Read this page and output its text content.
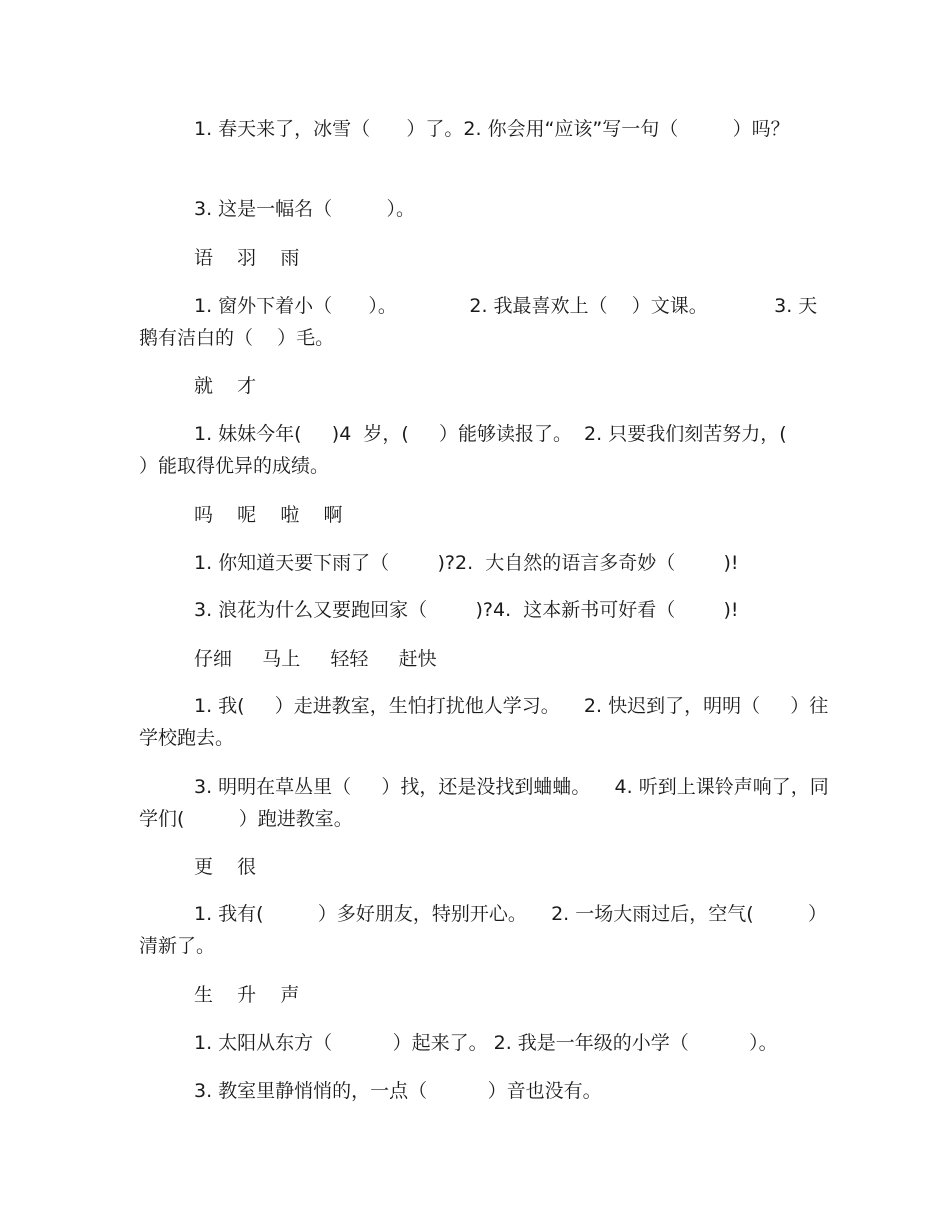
1. 春天来了，冰雪（      ）了。2. 你会用“应该”写一句（         ）吗？

3. 这是一幅名（         ）。

语    羽    雨

1. 窗外下着小（      ）。            2. 我最喜欢上（    ）文课。           3. 天鹅有洁白的（    ）毛。

就    才

1. 妹妹今年(     )4  岁，(     ）能够读报了。  2. 只要我们刻苦努力，(         ）能取得优异的成绩。

吗    呢    啦    啊

1. 你知道天要下雨了（        )?2.  大自然的语言多奇妙（        )!

3. 浪花为什么又要跑回家（        )?4.  这本新书可好看（        )!

仔细     马上     轻轻     赶快

1. 我(     ）走进教室，生怕打扰他人学习。    2. 快迟到了，明明（     ）往学校跑去。

3. 明明在草丛里（     ）找，还是没找到蛐蛐。    4. 听到上课铃声响了，同学们(         ）跑进教室。

更    很

1. 我有(         ）多好朋友，特别开心。    2. 一场大雨过后，空气(         ）清新了。

生    升    声

1. 太阳从东方（          ）起来了。 2. 我是一年级的小学（          ）。

3. 教室里静悄悄的，一点（          ）音也没有。
